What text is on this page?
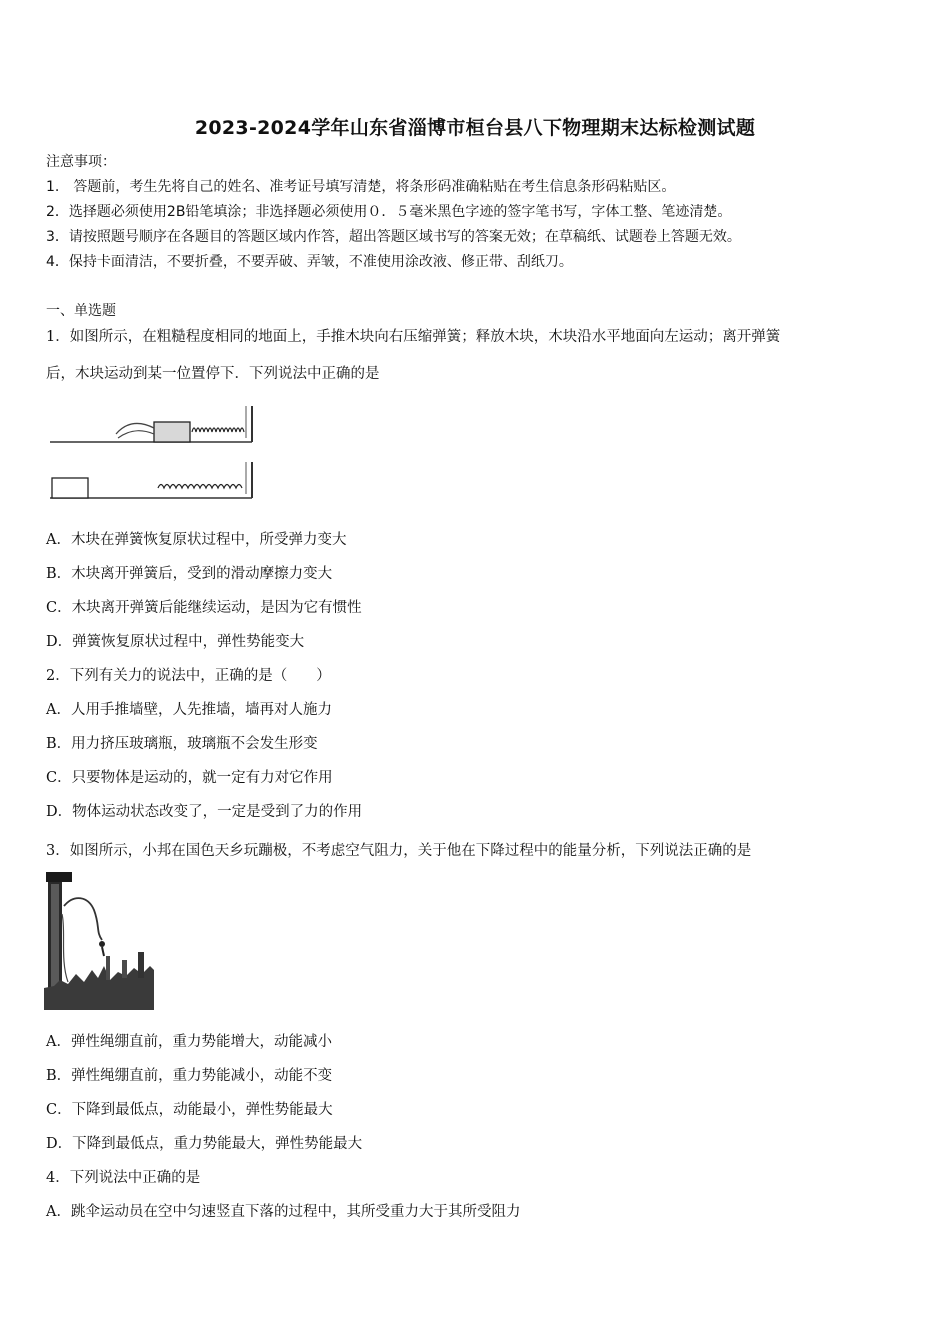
2023-2024学年山东省淄博市桓台县八下物理期末达标检测试题
注意事项：
1.　答题前，考生先将自己的姓名、准考证号填写清楚，将条形码准确粘贴在考生信息条形码粘贴区。
2．选择题必须使用2B铅笔填涂；非选择题必须使用０．５毫米黑色字迹的签字笔书写，字体工整、笔迹清楚。
3．请按照题号顺序在各题目的答题区域内作答，超出答题区域书写的答案无效；在草稿纸、试题卷上答题无效。
4．保持卡面清洁，不要折叠，不要弄破、弄皱，不准使用涂改液、修正带、刮纸刀。
一、单选题
1．如图所示，在粗糙程度相同的地面上，手推木块向右压缩弹簧；释放木块，木块沿水平地面向左运动；离开弹簧
后，木块运动到某一位置停下．下列说法中正确的是
A．木块在弹簧恢复原状过程中，所受弹力变大
B．木块离开弹簧后，受到的滑动摩擦力变大
C．木块离开弹簧后能继续运动，是因为它有惯性
D．弹簧恢复原状过程中，弹性势能变大
2．下列有关力的说法中，正确的是（　　）
A．人用手推墙壁，人先推墙，墙再对人施力
B．用力挤压玻璃瓶，玻璃瓶不会发生形变
C．只要物体是运动的，就一定有力对它作用
D．物体运动状态改变了，一定是受到了力的作用
3．如图所示，小邦在国色天乡玩蹦极，不考虑空气阻力，关于他在下降过程中的能量分析，下列说法正确的是
A．弹性绳绷直前，重力势能增大，动能减小
B．弹性绳绷直前，重力势能减小，动能不变
C．下降到最低点，动能最小，弹性势能最大
D．下降到最低点，重力势能最大，弹性势能最大
4．下列说法中正确的是
A．跳伞运动员在空中匀速竖直下落的过程中，其所受重力大于其所受阻力
